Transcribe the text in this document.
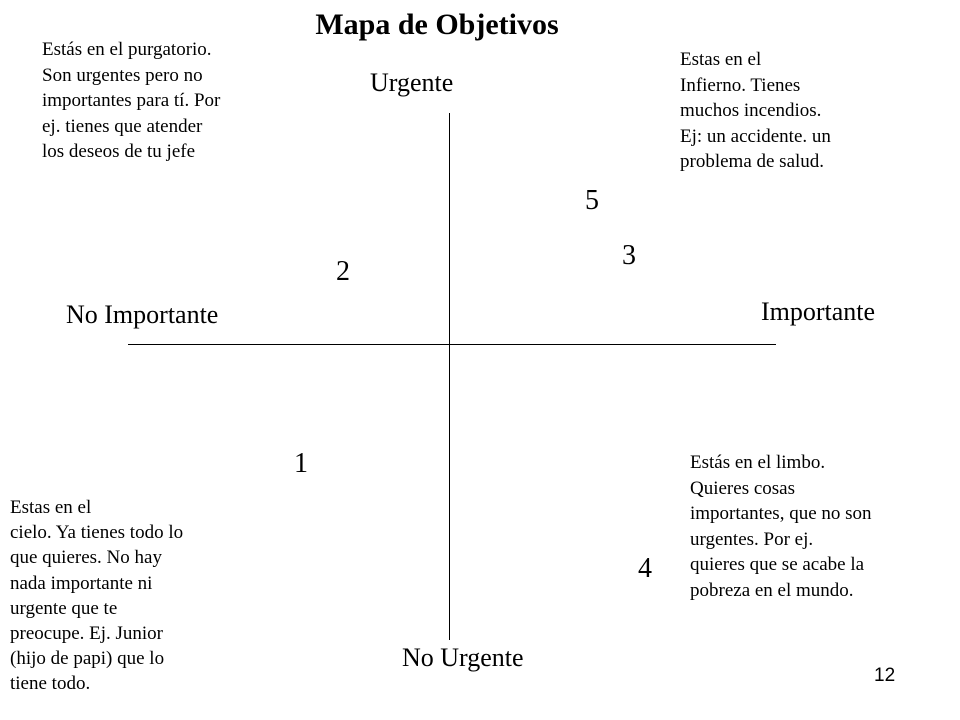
Mapa de Objetivos
Urgente
No Urgente
No Importante	Importante
Estás en el purgatorio.
Son urgentes pero no
importantes para tí. Por
ej. tienes que atender
los deseos de tu jefe
Estas en el
Infierno. Tienes
muchos incendios.
Ej: un accidente. un
problema de salud.
Estas en el
cielo. Ya tienes todo lo
que quieres. No hay
nada importante ni
urgente que te
preocupe. Ej. Junior
(hijo de papi) que lo
tiene todo.
Estás en el limbo.
Quieres cosas
importantes, que no son
urgentes. Por ej.
quieres que se acabe la
pobreza en el mundo.
1
2
3
4
5
12
